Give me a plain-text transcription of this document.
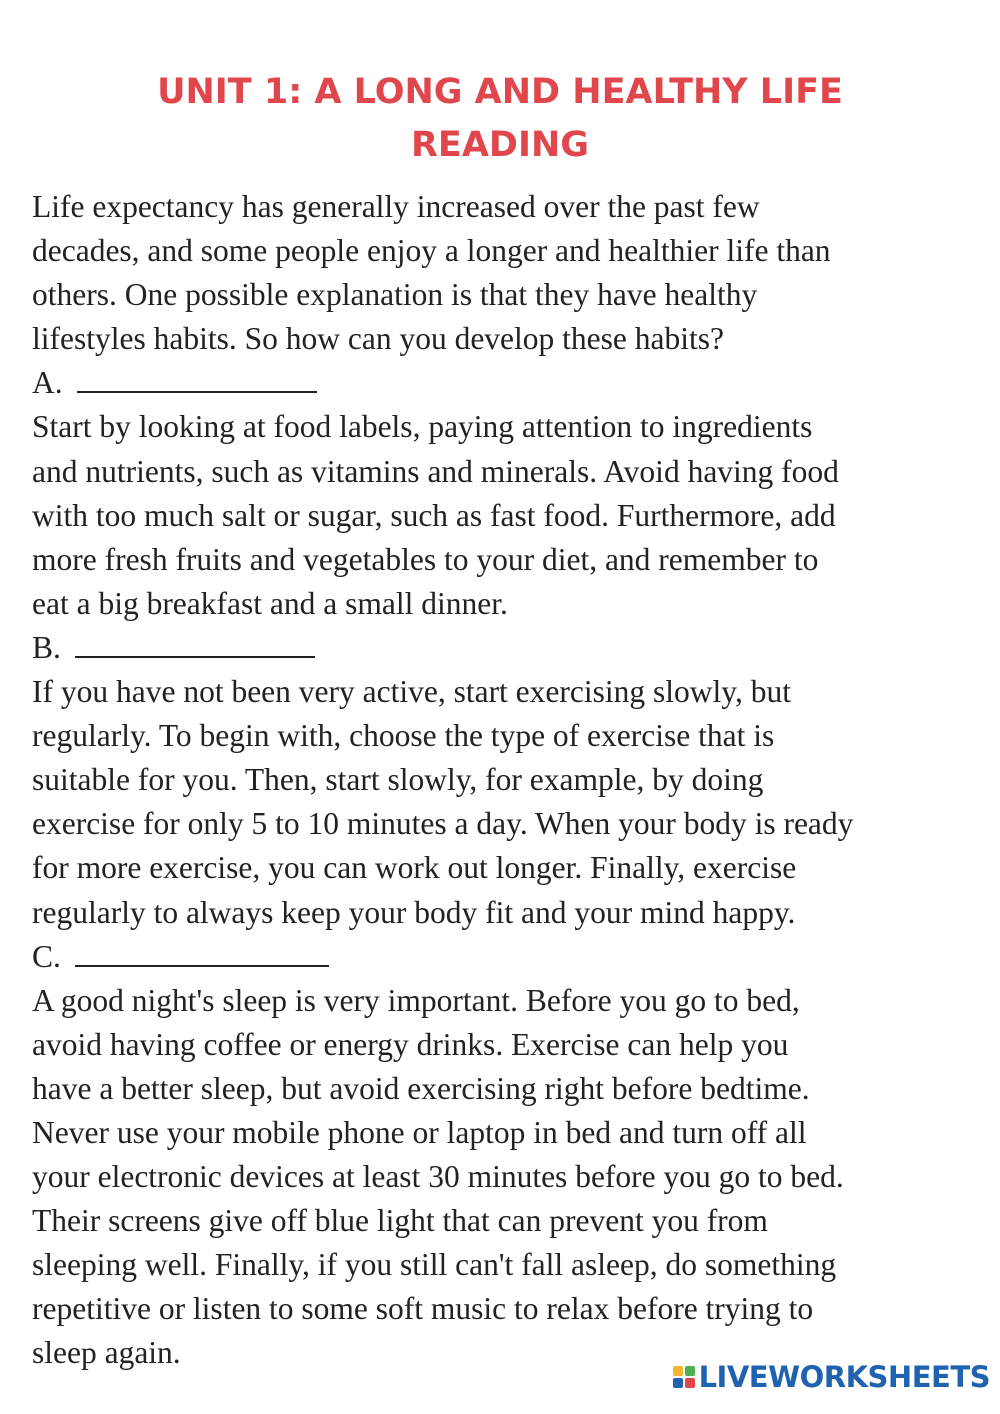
UNIT 1: A LONG AND HEALTHY LIFE
READING

Life expectancy has generally increased over the past few

decades, and some people enjoy a longer and healthier life than

others. One possible explanation is that they have healthy

lifestyles habits. So how can you develop these habits?

A.

Start by looking at food labels, paying attention to ingredients

and nutrients, such as vitamins and minerals. Avoid having food

with too much salt or sugar, such as fast food. Furthermore, add

more fresh fruits and vegetables to your diet, and remember to

eat a big breakfast and a small dinner.

B.

If you have not been very active, start exercising slowly, but

regularly. To begin with, choose the type of exercise that is

suitable for you. Then, start slowly, for example, by doing

exercise for only 5 to 10 minutes a day. When your body is ready

for more exercise, you can work out longer. Finally, exercise

regularly to always keep your body fit and your mind happy.

C.

A good night's sleep is very important. Before you go to bed,

avoid having coffee or energy drinks. Exercise can help you

have a better sleep, but avoid exercising right before bedtime.

Never use your mobile phone or laptop in bed and turn off all

your electronic devices at least 30 minutes before you go to bed.

Their screens give off blue light that can prevent you from

sleeping well. Finally, if you still can't fall asleep, do something

repetitive or listen to some soft music to relax before trying to

sleep again.

LIVEWORKSHEETS
